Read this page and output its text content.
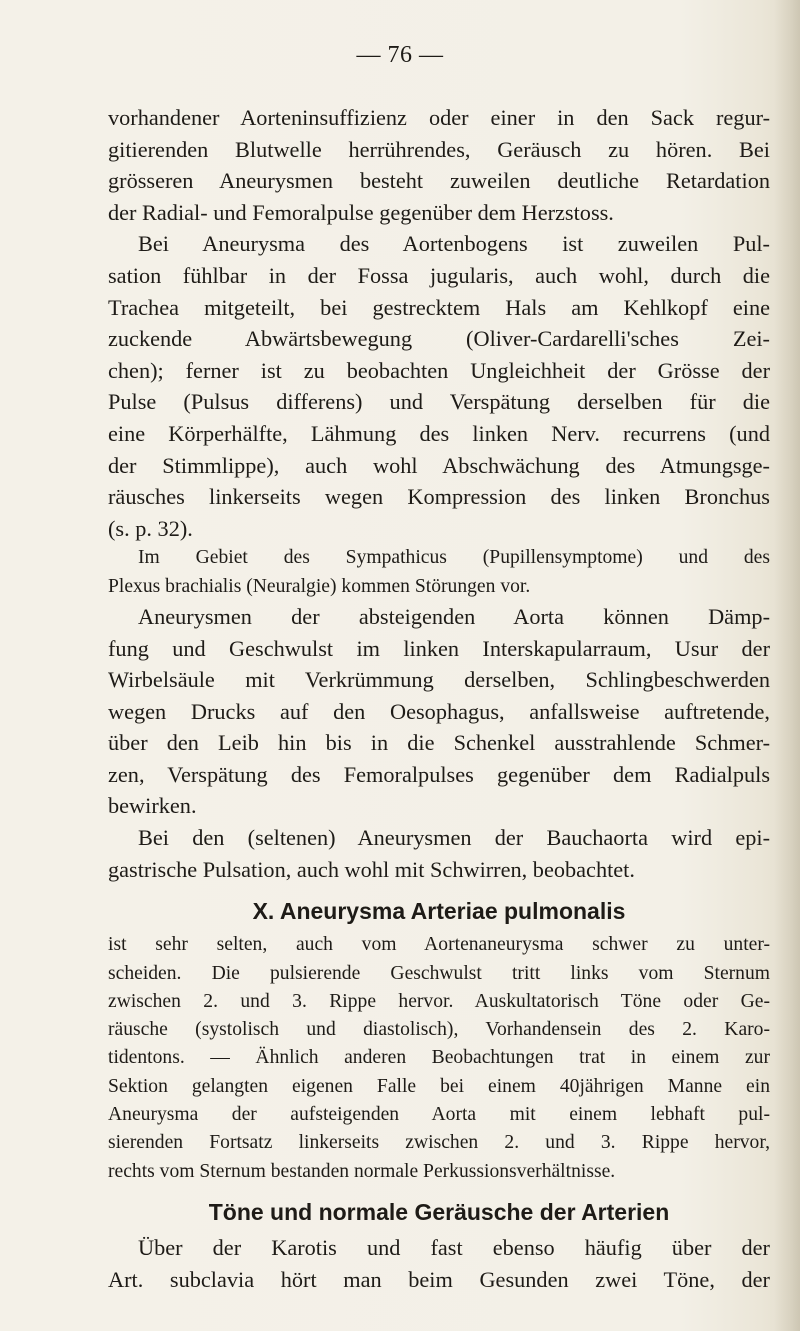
— 76 —

vorhandener Aorteninsuffizienz oder einer in den Sack regur-
gitierenden Blutwelle herrührendes, Geräusch zu hören. Bei
grösseren Aneurysmen besteht zuweilen deutliche Retardation
der Radial- und Femoralpulse gegenüber dem Herzstoss.

Bei Aneurysma des Aortenbogens ist zuweilen Pul-
sation fühlbar in der Fossa jugularis, auch wohl, durch die
Trachea mitgeteilt, bei gestrecktem Hals am Kehlkopf eine
zuckende Abwärtsbewegung (Oliver-Cardarelli'sches Zei-
chen); ferner ist zu beobachten Ungleichheit der Grösse der
Pulse (Pulsus differens) und Verspätung derselben für die
eine Körperhälfte, Lähmung des linken Nerv. recurrens (und
der Stimmlippe), auch wohl Abschwächung des Atmungsge-
räusches linkerseits wegen Kompression des linken Bronchus
(s. p. 32).

Im Gebiet des Sympathicus (Pupillensymptome) und des
Plexus brachialis (Neuralgie) kommen Störungen vor.

Aneurysmen der absteigenden Aorta können Dämp-
fung und Geschwulst im linken Interskapularraum, Usur der
Wirbelsäule mit Verkrümmung derselben, Schlingbeschwerden
wegen Drucks auf den Oesophagus, anfallsweise auftretende,
über den Leib hin bis in die Schenkel ausstrahlende Schmer-
zen, Verspätung des Femoralpulses gegenüber dem Radialpuls
bewirken.

Bei den (seltenen) Aneurysmen der Bauchaorta wird epi-
gastrische Pulsation, auch wohl mit Schwirren, beobachtet.

X. Aneurysma Arteriae pulmonalis

ist sehr selten, auch vom Aortenaneurysma schwer zu unter-
scheiden. Die pulsierende Geschwulst tritt links vom Sternum
zwischen 2. und 3. Rippe hervor. Auskultatorisch Töne oder Ge-
räusche (systolisch und diastolisch), Vorhandensein des 2. Karo-
tidentons. — Ähnlich anderen Beobachtungen trat in einem zur
Sektion gelangten eigenen Falle bei einem 40jährigen Manne ein
Aneurysma der aufsteigenden Aorta mit einem lebhaft pul-
sierenden Fortsatz linkerseits zwischen 2. und 3. Rippe hervor,
rechts vom Sternum bestanden normale Perkussionsverhältnisse.

Töne und normale Geräusche der Arterien

Über der Karotis und fast ebenso häufig über der
Art. subclavia hört man beim Gesunden zwei Töne, der
